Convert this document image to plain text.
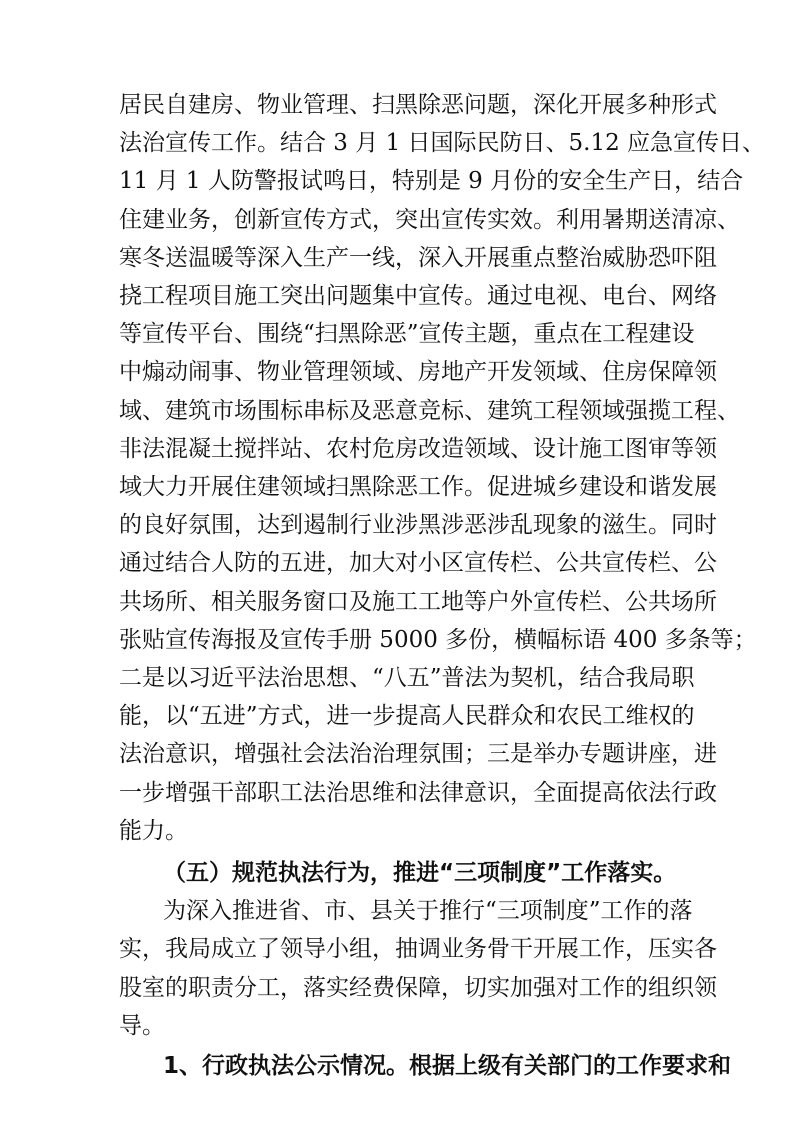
居民自建房、物业管理、扫黑除恶问题，深化开展多种形式
法治宣传工作。结合 3 月 1 日国际民防日、5.12 应急宣传日、
11 月 1 人防警报试鸣日，特别是 9 月份的安全生产日，结合
住建业务，创新宣传方式，突出宣传实效。利用暑期送清凉、
寒冬送温暖等深入生产一线，深入开展重点整治威胁恐吓阻
挠工程项目施工突出问题集中宣传。通过电视、电台、网络
等宣传平台、围绕“扫黑除恶”宣传主题，重点在工程建设
中煽动闹事、物业管理领域、房地产开发领域、住房保障领
域、建筑市场围标串标及恶意竞标、建筑工程领域强揽工程、
非法混凝土搅拌站、农村危房改造领域、设计施工图审等领
域大力开展住建领域扫黑除恶工作。促进城乡建设和谐发展
的良好氛围，达到遏制行业涉黑涉恶涉乱现象的滋生。同时
通过结合人防的五进，加大对小区宣传栏、公共宣传栏、公
共场所、相关服务窗口及施工工地等户外宣传栏、公共场所
张贴宣传海报及宣传手册 5000 多份，横幅标语 400 多条等；
二是以习近平法治思想、“八五”普法为契机，结合我局职
能，以“五进”方式，进一步提高人民群众和农民工维权的
法治意识，增强社会法治治理氛围；三是举办专题讲座，进
一步增强干部职工法治思维和法律意识，全面提高依法行政
能力。
（五）规范执法行为，推进“三项制度”工作落实。
为深入推进省、市、县关于推行“三项制度”工作的落
实，我局成立了领导小组，抽调业务骨干开展工作，压实各
股室的职责分工，落实经费保障，切实加强对工作的组织领
导。
1、行政执法公示情况。根据上级有关部门的工作要求和
